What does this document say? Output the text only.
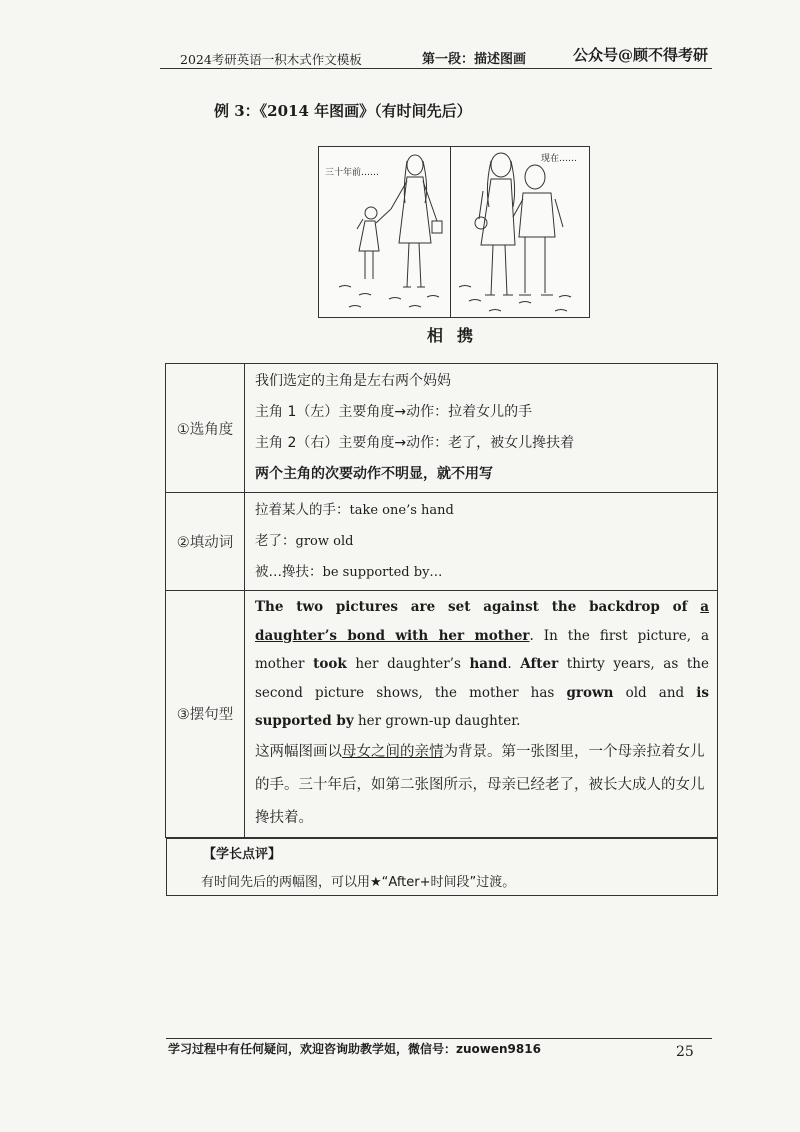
2024考研英语一积木式作文模板	第一段：描述图画	公众号@顾不得考研
例 3：《2014 年图画》（有时间先后）
三十年前……
现在……
相携
①选角度	我们选定的主角是左右两个妈妈
主角 1（左）主要角度→动作：拉着女儿的手
主角 2（右）主要角度→动作：老了，被女儿搀扶着
两个主角的次要动作不明显，就不用写

②填动词	拉着某人的手：take one’s hand
老了：grow old
被…搀扶：be supported by…

③摆句型	The two pictures are set against the backdrop of a daughter’s bond with her mother. In the first picture, a mother took her daughter’s hand. After thirty years, as the second picture shows, the mother has grown old and is supported by her grown-up daughter.
这两幅图画以母女之间的亲情为背景。第一张图里，一个母亲拉着女儿的手。三十年后，如第二张图所示，母亲已经老了，被长大成人的女儿搀扶着。
【学长点评】
有时间先后的两幅图，可以用★“After+时间段”过渡。
学习过程中有任何疑问，欢迎咨询助教学姐，微信号：zuowen9816	25
